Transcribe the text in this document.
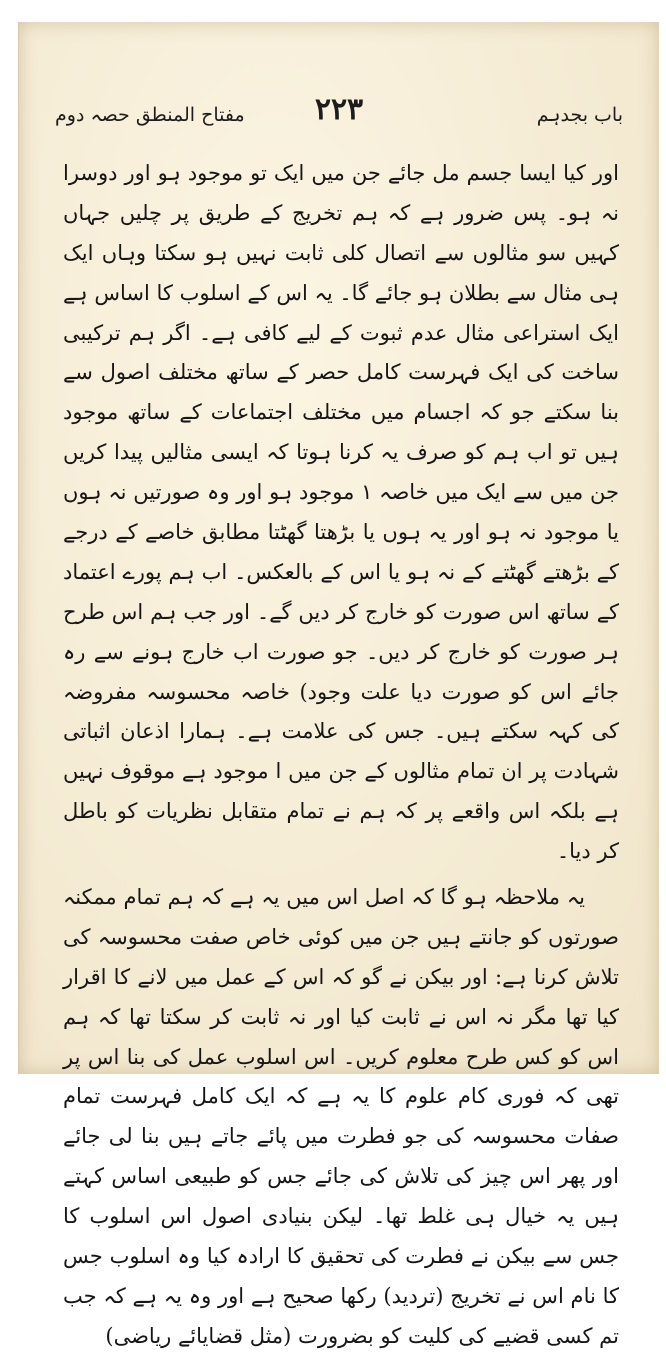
باب بجدہم
۲۲۳
مفتاح المنطق حصہ دوم

اور کیا ایسا جسم مل جائے جن میں ایک تو موجود ہو اور دوسرا نہ ہو۔ پس ضرور ہے کہ ہم تخریج کے طریق پر چلیں جہاں کہیں سو مثالوں سے اتصال کلی ثابت نہیں ہو سکتا وہاں ایک ہی مثال سے بطلان ہو جائے گا۔ یہ اس کے اسلوب کا اساس ہے ایک استراعی مثال عدم ثبوت کے لیے کافی ہے۔ اگر ہم ترکیبی ساخت کی ایک فہرست کامل حصر کے ساتھ مختلف اصول سے بنا سکتے جو کہ اجسام میں مختلف اجتماعات کے ساتھ موجود ہیں تو اب ہم کو صرف یہ کرنا ہوتا کہ ایسی مثالیں پیدا کریں جن میں سے ایک میں خاصہ ۱ موجود ہو اور وہ صورتیں نہ ہوں یا موجود نہ ہو اور یہ ہوں یا بڑھتا گھٹتا مطابق خاصے کے درجے کے بڑھتے گھٹتے کے نہ ہو یا اس کے بالعکس۔ اب ہم پورے اعتماد کے ساتھ اس صورت کو خارج کر دیں گے۔ اور جب ہم اس طرح ہر صورت کو خارج کر دیں۔ جو صورت اب خارج ہونے سے رہ جائے اس کو صورت دیا علت وجود) خاصہ محسوسہ مفروضہ کی کہہ سکتے ہیں۔ جس کی علامت ہے۔ ہمارا اذعان اثباتی شہادت پر ان تمام مثالوں کے جن میں ا موجود ہے موقوف نہیں ہے بلکہ اس واقعے پر کہ ہم نے تمام متقابل نظریات کو باطل کر دیا۔

یہ ملاحظہ ہو گا کہ اصل اس میں یہ ہے کہ ہم تمام ممکنہ صورتوں کو جانتے ہیں جن میں کوئی خاص صفت محسوسہ کی تلاش کرنا ہے: اور بیکن نے گو کہ اس کے عمل میں لانے کا اقرار کیا تھا مگر نہ اس نے ثابت کیا اور نہ ثابت کر سکتا تھا کہ ہم اس کو کس طرح معلوم کریں۔ اس اسلوب عمل کی بنا اس پر تھی کہ فوری کام علوم کا یہ ہے کہ ایک کامل فہرست تمام صفات محسوسہ کی جو فطرت میں پائے جاتے ہیں بنا لی جائے اور پھر اس چیز کی تلاش کی جائے جس کو طبیعی اساس کہتے ہیں یہ خیال ہی غلط تھا۔ لیکن بنیادی اصول اس اسلوب کا جس سے بیکن نے فطرت کی تحقیق کا ارادہ کیا وہ اسلوب جس کا نام اس نے تخریج (تردید) رکھا صحیح ہے اور وہ یہ ہے کہ جب تم کسی قضیے کی کلیت کو بضرورت (مثل قضایائے ریاضی)
